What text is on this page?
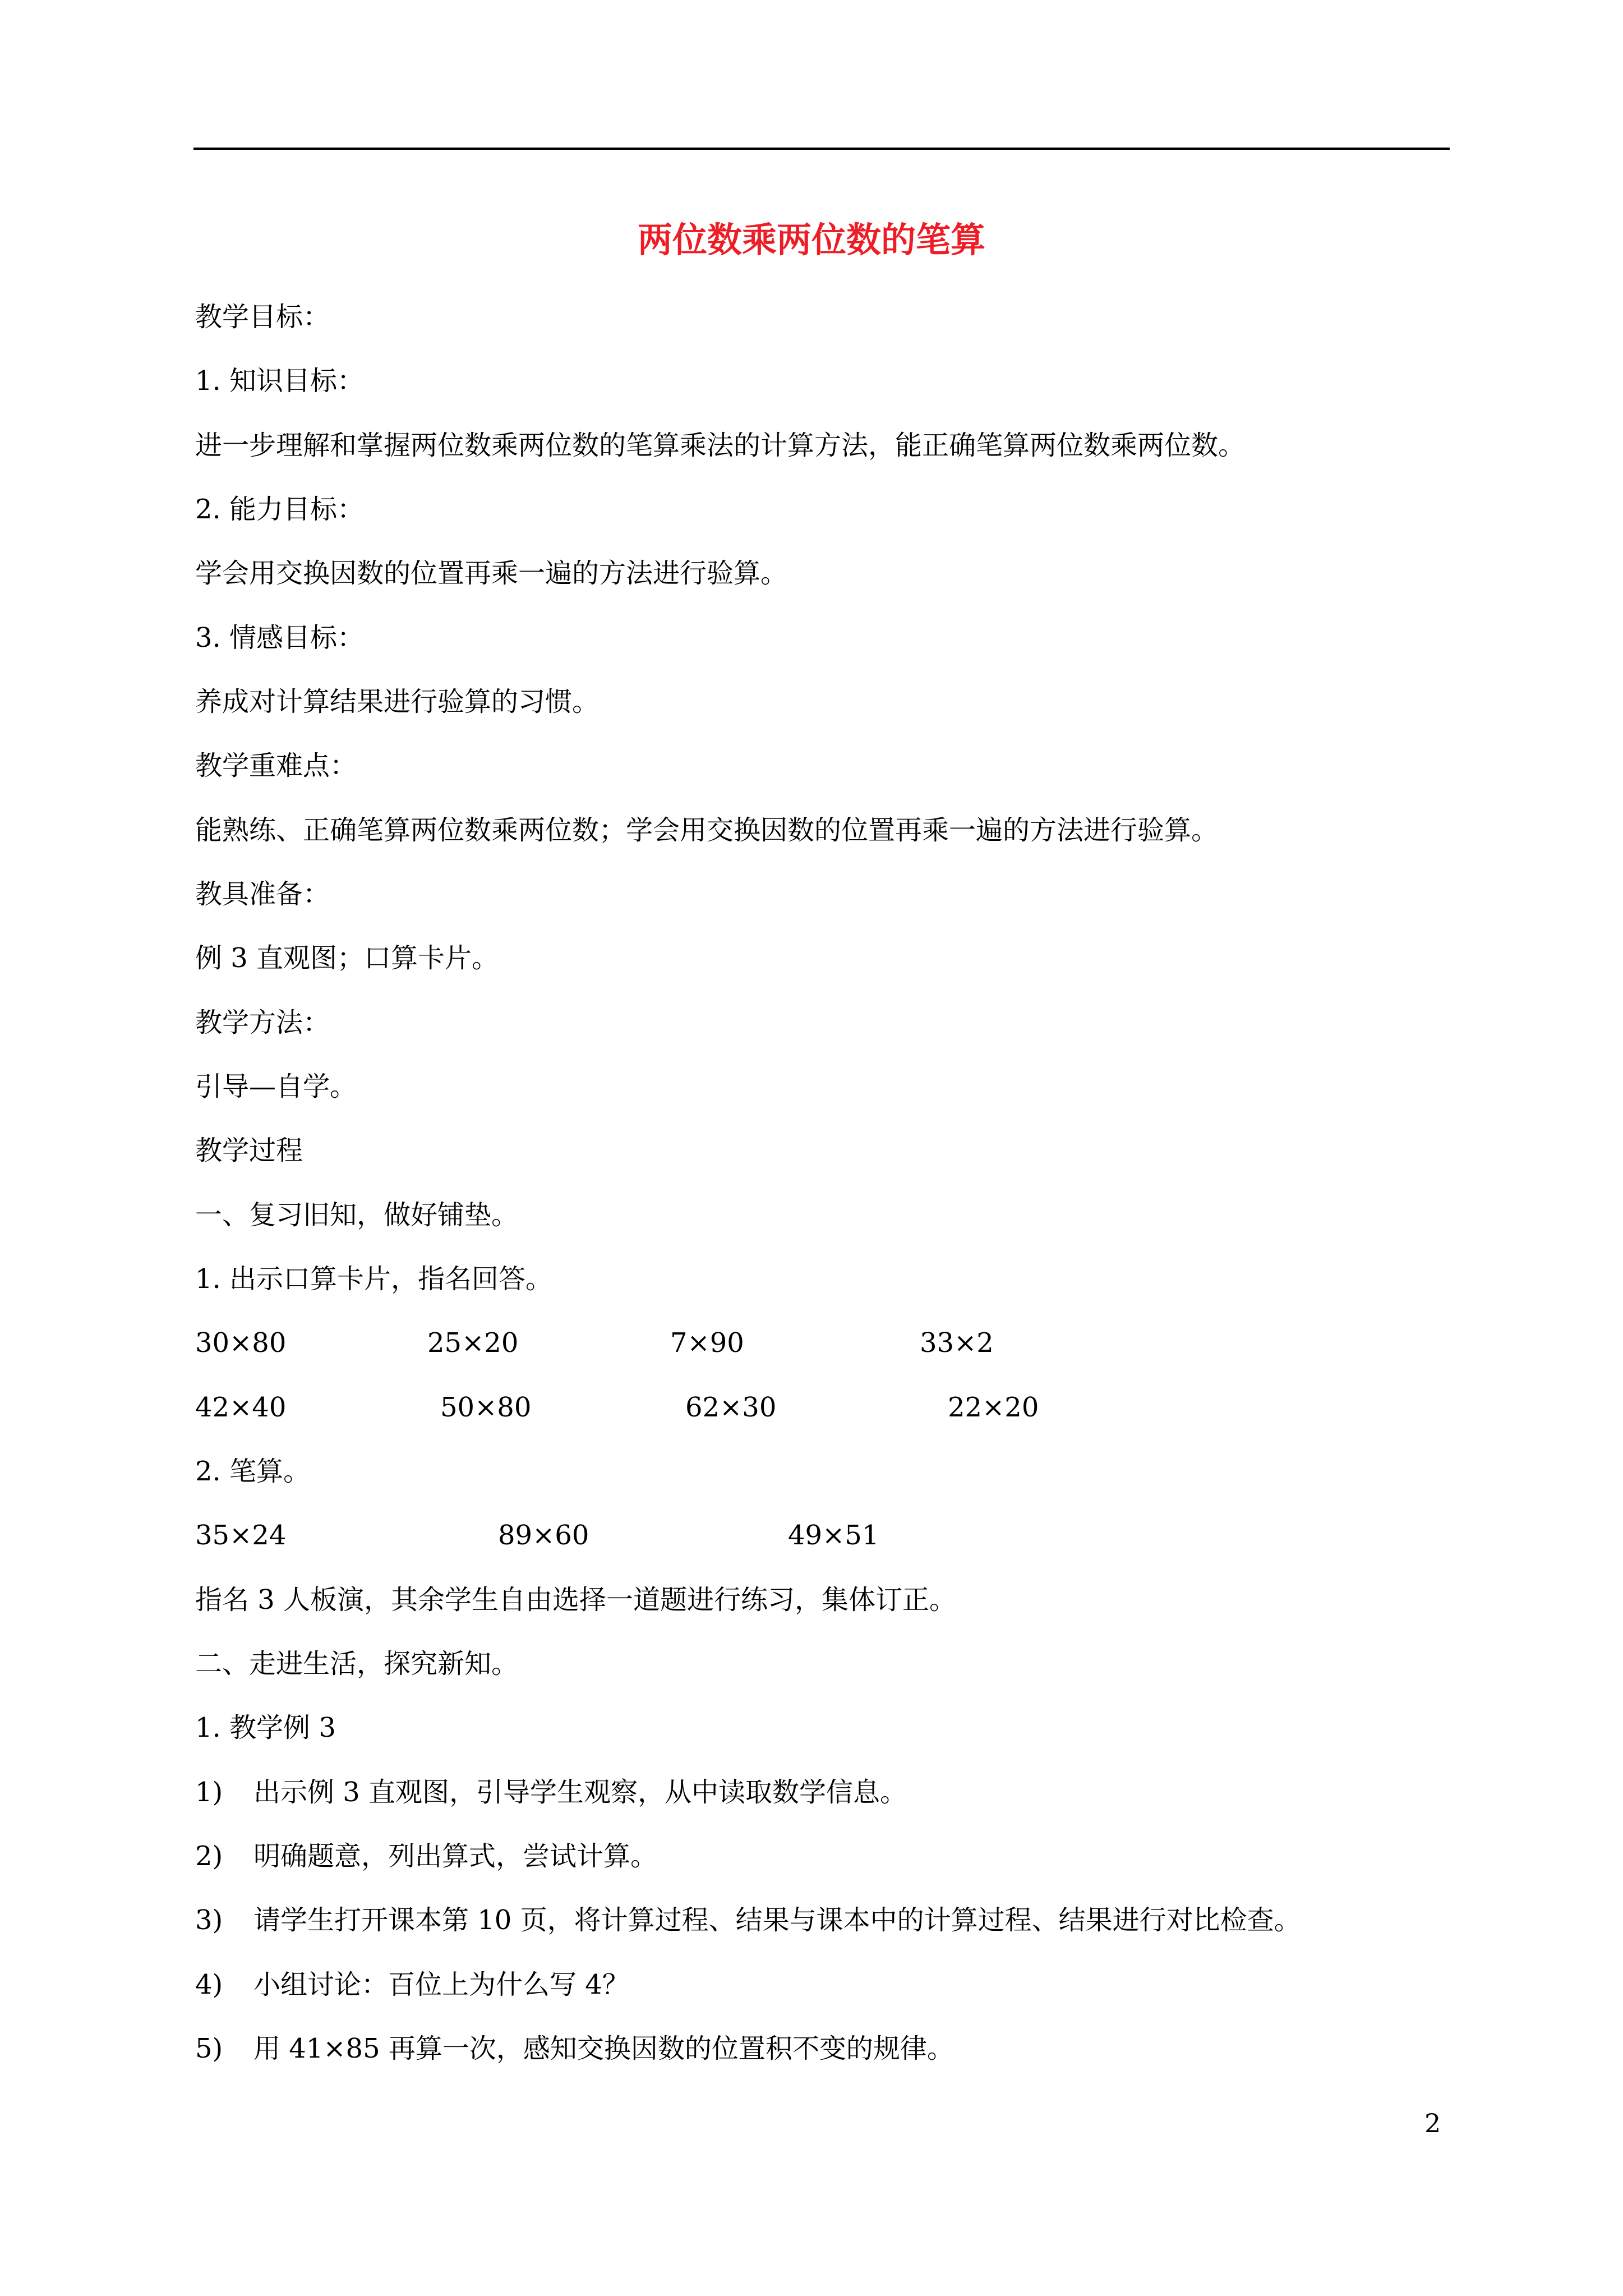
两位数乘两位数的笔算
教学目标：
1. 知识目标：
进一步理解和掌握两位数乘两位数的笔算乘法的计算方法，能正确笔算两位数乘两位数。
2. 能力目标：
学会用交换因数的位置再乘一遍的方法进行验算。
3. 情感目标：
养成对计算结果进行验算的习惯。
教学重难点：
能熟练、正确笔算两位数乘两位数；学会用交换因数的位置再乘一遍的方法进行验算。
教具准备：
例 3 直观图；口算卡片。
教学方法：
引导—自学。
教学过程
一、复习旧知，做好铺垫。
1. 出示口算卡片，指名回答。
30×80	25×20	7×90	33×2
42×40	50×80	62×30	22×20
2. 笔算。
35×24	89×60	49×51
指名 3 人板演，其余学生自由选择一道题进行练习，集体订正。
二、走进生活，探究新知。
1. 教学例 3
1) 出示例 3 直观图，引导学生观察，从中读取数学信息。
2) 明确题意，列出算式，尝试计算。
3) 请学生打开课本第 10 页，将计算过程、结果与课本中的计算过程、结果进行对比检查。
4) 小组讨论：百位上为什么写 4？
5) 用 41×85 再算一次，感知交换因数的位置积不变的规律。
2
